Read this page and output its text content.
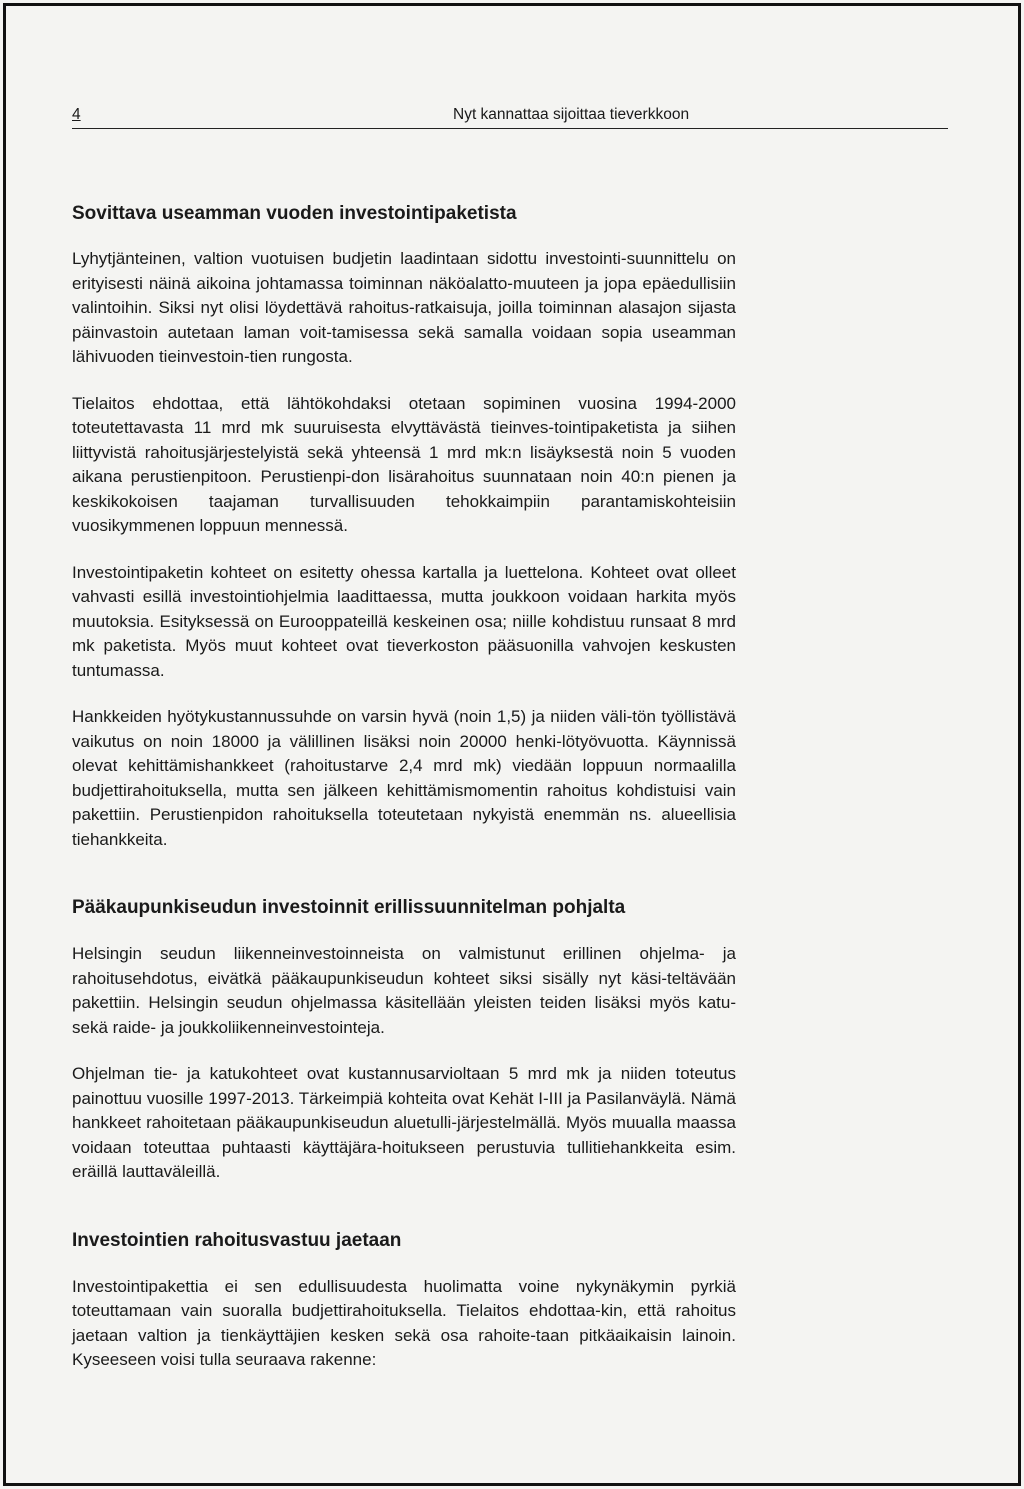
4	Nyt kannattaa sijoittaa tieverkkoon
Sovittava useamman vuoden investointipaketista

Lyhytjänteinen, valtion vuotuisen budjetin laadintaan sidottu investointi-suunnittelu on erityisesti näinä aikoina johtamassa toiminnan näköalatto-muuteen ja jopa epäedullisiin valintoihin. Siksi nyt olisi löydettävä rahoitus-ratkaisuja, joilla toiminnan alasajon sijasta päinvastoin autetaan laman voit-tamisessa sekä samalla voidaan sopia useamman lähivuoden tieinvestoin-tien rungosta.

Tielaitos ehdottaa, että lähtökohdaksi otetaan sopiminen vuosina 1994-2000 toteutettavasta 11 mrd mk suuruisesta elvyttävästä tieinves-tointipaketista ja siihen liittyvistä rahoitusjärjestelyistä sekä yhteensä 1 mrd mk:n lisäyksestä noin 5 vuoden aikana perustienpitoon. Perustienpi-don lisärahoitus suunnataan noin 40:n pienen ja keskikokoisen taajaman turvallisuuden tehokkaimpiin parantamiskohteisiin vuosikymmenen loppuun mennessä.

Investointipaketin kohteet on esitetty ohessa kartalla ja luettelona. Kohteet ovat olleet vahvasti esillä investointiohjelmia laadittaessa, mutta joukkoon voidaan harkita myös muutoksia. Esityksessä on Eurooppateillä keskeinen osa; niille kohdistuu runsaat 8 mrd mk paketista. Myös muut kohteet ovat tieverkoston pääsuonilla vahvojen keskusten tuntumassa.

Hankkeiden hyötykustannussuhde on varsin hyvä (noin 1,5) ja niiden väli-tön työllistävä vaikutus on noin 18000 ja välillinen lisäksi noin 20000 henki-lötyövuotta. Käynnissä olevat kehittämishankkeet (rahoitustarve 2,4 mrd mk) viedään loppuun normaalilla budjettirahoituksella, mutta sen jälkeen kehittämismomentin rahoitus kohdistuisi vain pakettiin. Perustienpidon rahoituksella toteutetaan nykyistä enemmän ns. alueellisia tiehankkeita.

Pääkaupunkiseudun investoinnit erillissuunnitelman pohjalta

Helsingin seudun liikenneinvestoinneista on valmistunut erillinen ohjelma- ja rahoitusehdotus, eivätkä pääkaupunkiseudun kohteet siksi sisälly nyt käsi-teltävään pakettiin. Helsingin seudun ohjelmassa käsitellään yleisten teiden lisäksi myös katu- sekä raide- ja joukkoliikenneinvestointeja.

Ohjelman tie- ja katukohteet ovat kustannusarvioltaan 5 mrd mk ja niiden toteutus painottuu vuosille 1997-2013. Tärkeimpiä kohteita ovat Kehät I-III ja Pasilanväylä. Nämä hankkeet rahoitetaan pääkaupunkiseudun aluetulli-järjestelmällä. Myös muualla maassa voidaan toteuttaa puhtaasti käyttäjära-hoitukseen perustuvia tullitiehankkeita esim. eräillä lauttaväleillä.

Investointien rahoitusvastuu jaetaan

Investointipakettia ei sen edullisuudesta huolimatta voine nykynäkymin pyrkiä toteuttamaan vain suoralla budjettirahoituksella. Tielaitos ehdottaa-kin, että rahoitus jaetaan valtion ja tienkäyttäjien kesken sekä osa rahoite-taan pitkäaikaisin lainoin. Kyseeseen voisi tulla seuraava rakenne:
